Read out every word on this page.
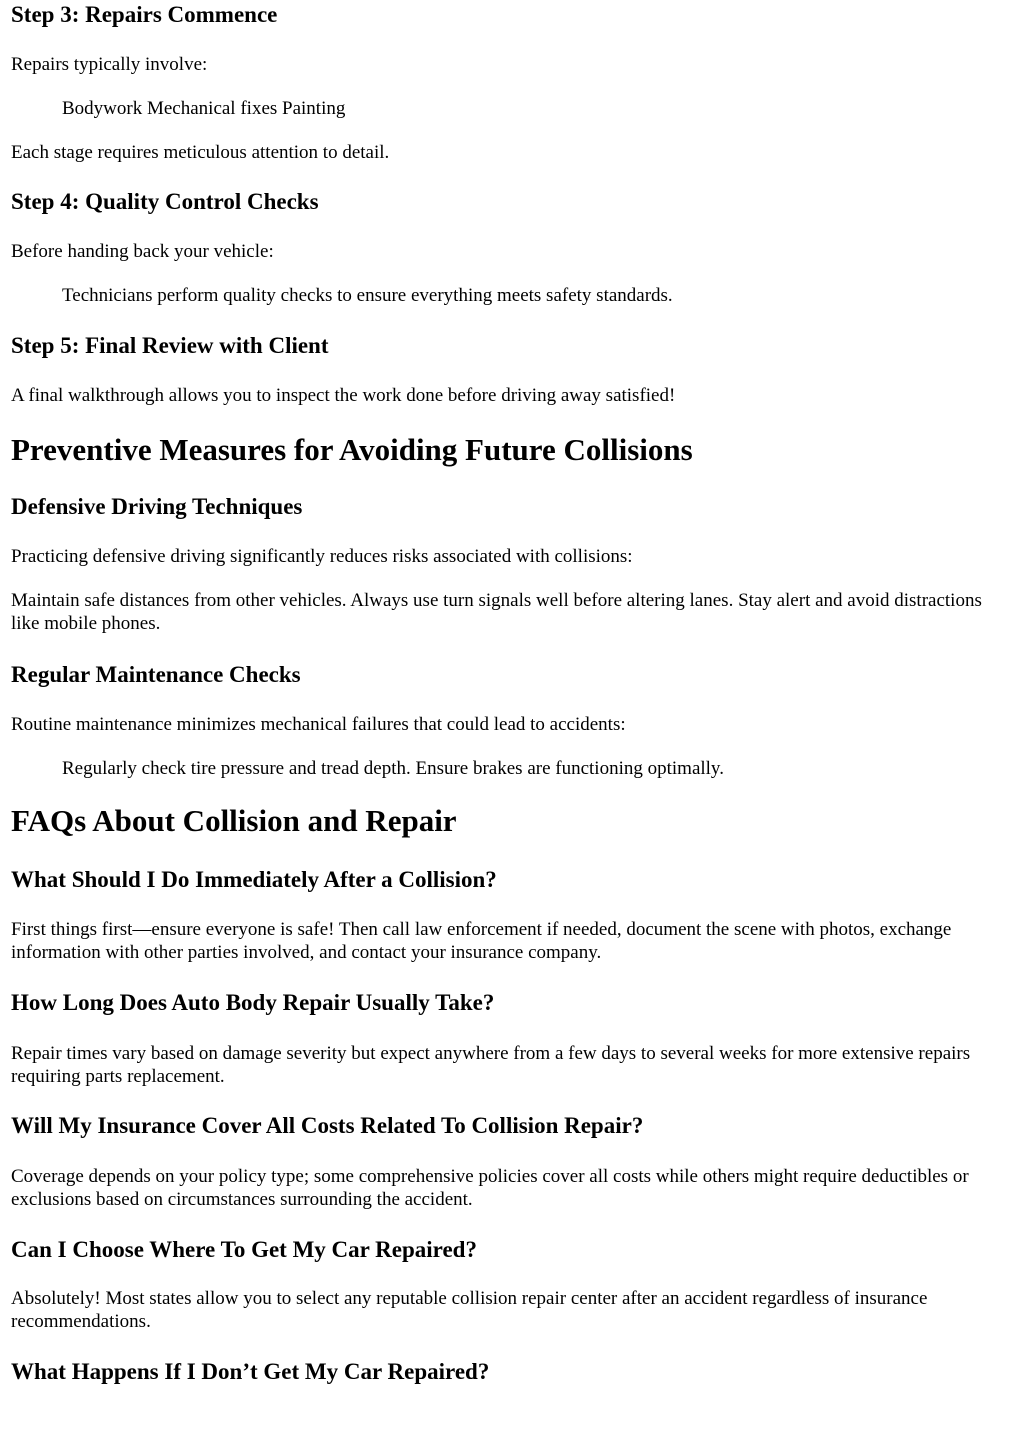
Step 3: Repairs Commence

Repairs typically involve:

Bodywork Mechanical fixes Painting

Each stage requires meticulous attention to detail.

Step 4: Quality Control Checks

Before handing back your vehicle:

Technicians perform quality checks to ensure everything meets safety standards.
Step 5: Final Review with Client

A final walkthrough allows you to inspect the work done before driving away satisfied!

Preventive Measures for Avoiding Future Collisions
Defensive Driving Techniques

Practicing defensive driving significantly reduces risks associated with collisions:

Maintain safe distances from other vehicles. Always use turn signals well before altering lanes. Stay alert and avoid distractions like mobile phones.

Regular Maintenance Checks

Routine maintenance minimizes mechanical failures that could lead to accidents:

Regularly check tire pressure and tread depth. Ensure brakes are functioning optimally.
FAQs About Collision and Repair
What Should I Do Immediately After a Collision?

First things first—ensure everyone is safe! Then call law enforcement if needed, document the scene with photos, exchange information with other parties involved, and contact your insurance company.

How Long Does Auto Body Repair Usually Take?

Repair times vary based on damage severity but expect anywhere from a few days to several weeks for more extensive repairs requiring parts replacement.

Will My Insurance Cover All Costs Related To Collision Repair?

Coverage depends on your policy type; some comprehensive policies cover all costs while others might require deductibles or exclusions based on circumstances surrounding the accident.

Can I Choose Where To Get My Car Repaired?

Absolutely! Most states allow you to select any reputable collision repair center after an accident regardless of insurance recommendations.

What Happens If I Don’t Get My Car Repaired?
